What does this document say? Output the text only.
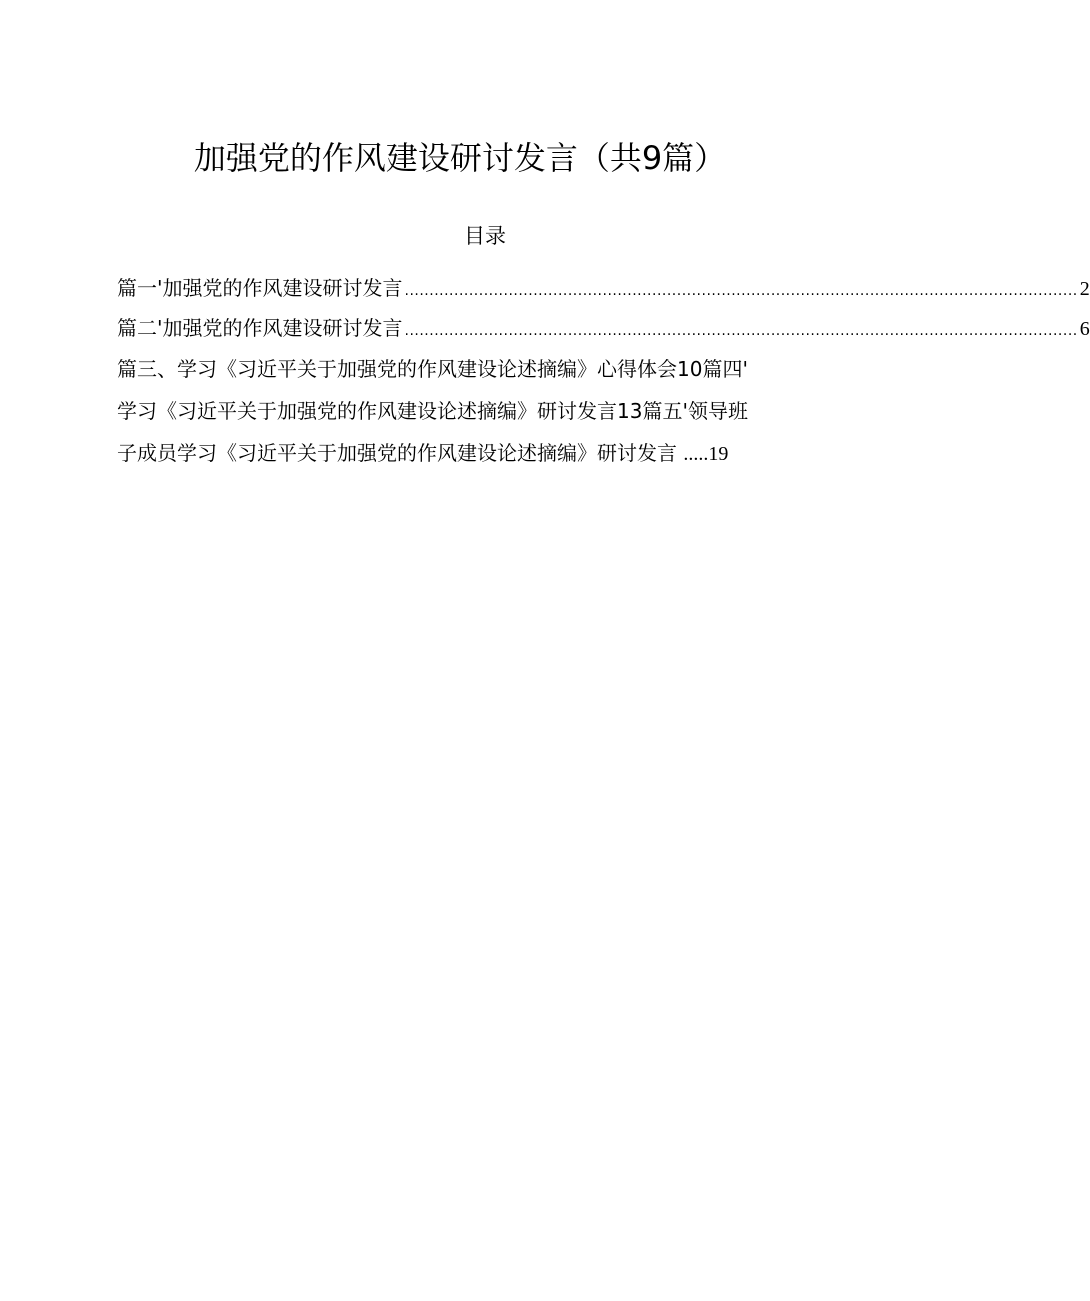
加强党的作风建设研讨发言（共9篇）
目录
篇一'加强党的作风建设研讨发言 ........................................................................................................................................ 2
篇二'加强党的作风建设研讨发言 ........................................................................................................................................ 6
篇三、学习《习近平关于加强党的作风建设论述摘编》心得体会10篇四'
学习《习近平关于加强党的作风建设论述摘编》研讨发言13篇五'领导班
子成员学习《习近平关于加强党的作风建设论述摘编》研讨发言 .....19
